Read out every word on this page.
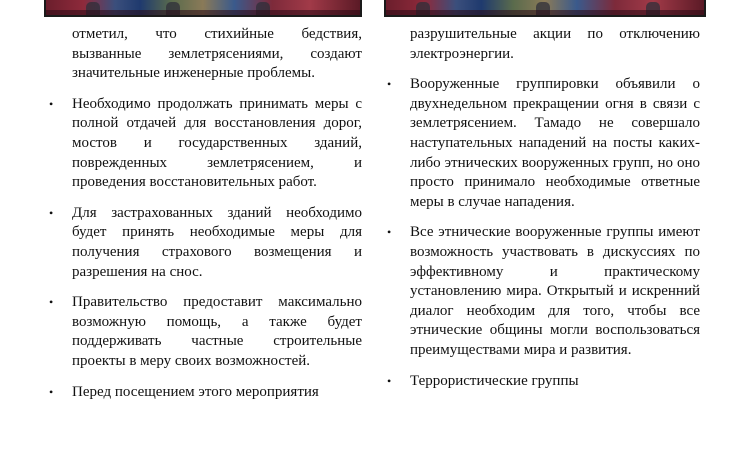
отметил, что стихийные бедствия, вызванные землетрясениями, создают значительные инженерные проблемы.

•	Необходимо продолжать принимать меры с полной отдачей для восстановления дорог, мостов и государственных зданий, поврежденных землетрясением, и проведения восстановительных работ.
•	Для застрахованных зданий необходимо будет принять необходимые меры для получения страхового возмещения и разрешения на снос.
•	Правительство предоставит максимально возможную помощь, а также будет поддерживать частные строительные проекты в меру своих возможностей.
•	Перед посещением этого мероприятия

разрушительные акции по отключению электроэнергии.

•	Вооруженные группировки объявили о двухнедельном прекращении огня в связи с землетрясением. Тамадо не совершало наступательных нападений на посты каких-либо этнических вооруженных групп, но оно просто принимало необходимые ответные меры в случае нападения.
•	Все этнические вооруженные группы имеют возможность участвовать в дискуссиях по эффективному и практическому установлению мира. Открытый и искренний диалог необходим для того, чтобы все этнические общины могли воспользоваться преимуществами мира и развития.
•	Террористические группы
